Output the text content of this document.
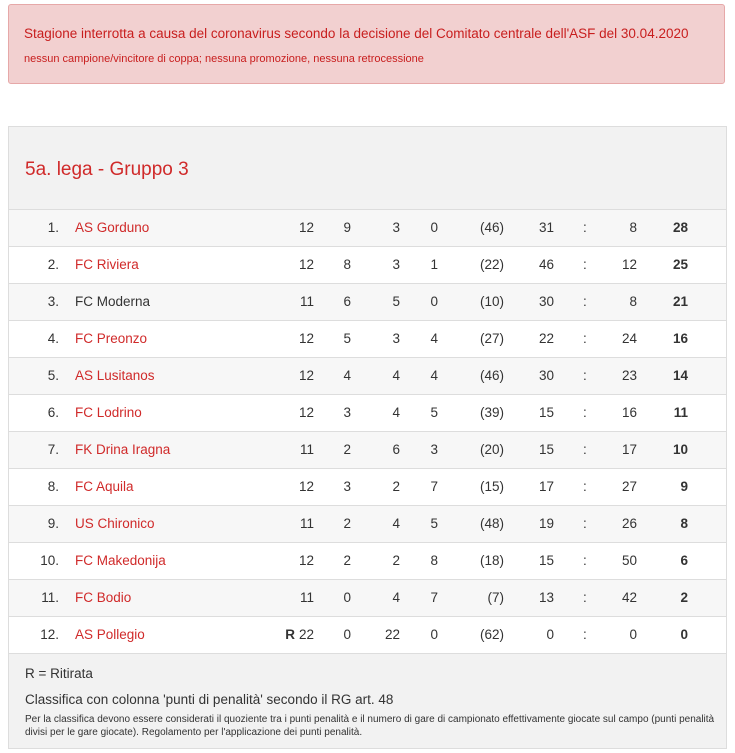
Stagione interrotta a causa del coronavirus secondo la decisione del Comitato centrale dell'ASF del 30.04.2020
nessun campione/vincitore di coppa; nessuna promozione, nessuna retrocessione
5a. lega - Gruppo 3
1. AS Gorduno	12 9	3 0	(46)	31 :	8	28
2. FC Riviera	12 8	3 1	(22)	46 :	12	25
3. FC Moderna	11 6	5 0	(10)	30 :	8	21
4. FC Preonzo	12 5	3 4	(27)	22 :	24	16
5. AS Lusitanos	12 4	4 4	(46)	30 :	23	14
6. FC Lodrino	12 3	4 5	(39)	15 :	16	11
7. FK Drina Iragna	11 2	6 3	(20)	15 :	17	10
8. FC Aquila	12 3	2 7	(15)	17 :	27	9
9. US Chironico	11 2	4 5	(48)	19 :	26	8
10. FC Makedonija	12 2	2 8	(18)	15 :	50	6
11. FC Bodio	11 0	4 7	(7)	13 :	42	2
12. AS Pollegio	R 22 0	22 0	(62)	0 :	0	0
R = Ritirata
Classifica con colonna 'punti di penalità' secondo il RG art. 48
Per la classifica devono essere considerati il quoziente tra i punti penalità e il numero di gare di campionato effettivamente giocate sul campo (punti penalità divisi per le gare giocate). Regolamento per l'applicazione dei punti penalità.
